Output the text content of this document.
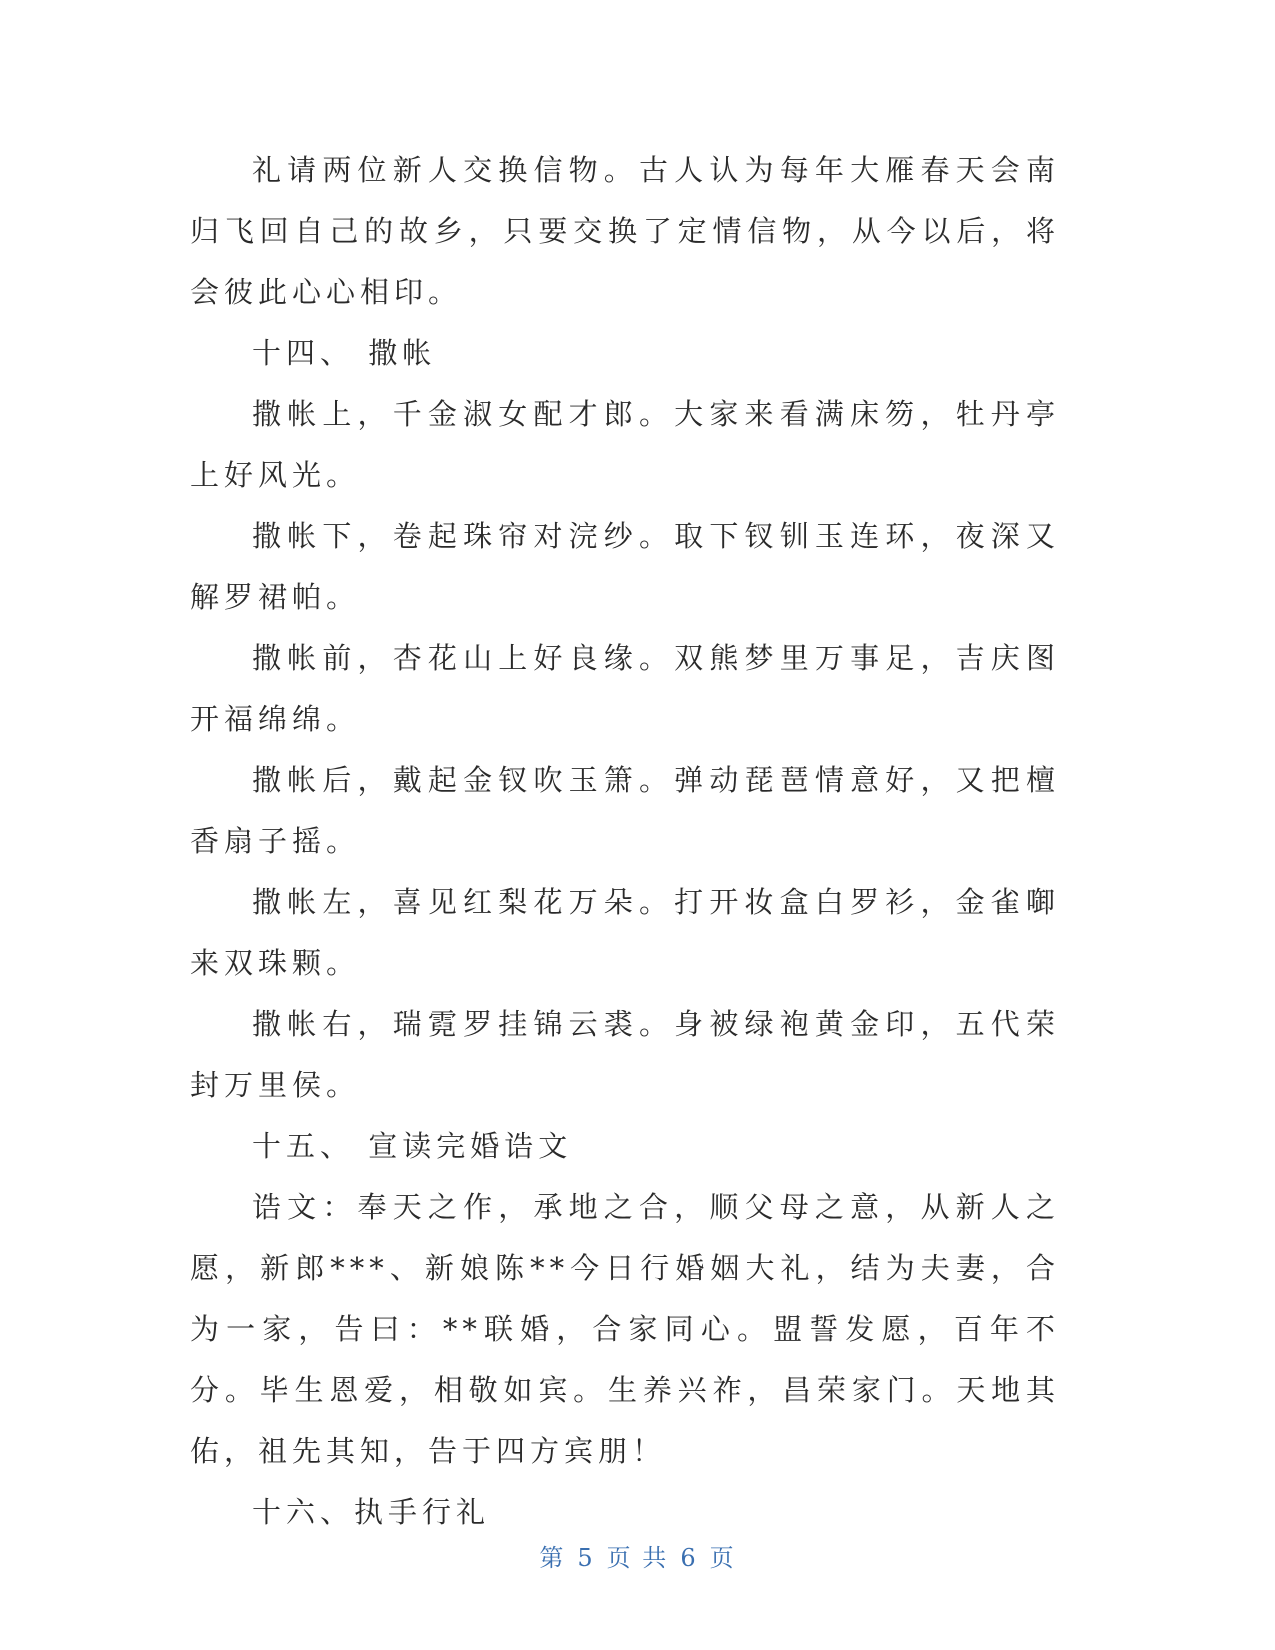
礼请两位新人交换信物。古人认为每年大雁春天会南归飞回自己的故乡，只要交换了定情信物，从今以后，将会彼此心心相印。

十四、 撒帐

撒帐上，千金淑女配才郎。大家来看满床笏，牡丹亭上好风光。

撒帐下，卷起珠帘对浣纱。取下钗钏玉连环，夜深又解罗裙帕。

撒帐前，杏花山上好良缘。双熊梦里万事足，吉庆图开福绵绵。

撒帐后，戴起金钗吹玉箫。弹动琵琶情意好，又把檀香扇子摇。

撒帐左，喜见红梨花万朵。打开妆盒白罗衫，金雀啣来双珠颗。

撒帐右，瑞霓罗挂锦云裘。身被绿袍黄金印，五代荣封万里侯。

十五、 宣读完婚诰文

诰文：奉天之作，承地之合，顺父母之意，从新人之愿，新郎***、新娘陈**今日行婚姻大礼，结为夫妻，合为一家，告曰：**联婚，合家同心。盟誓发愿，百年不分。毕生恩爱，相敬如宾。生养兴祚，昌荣家门。天地其佑，祖先其知，告于四方宾朋！

十六、执手行礼

第 5 页 共 6 页
